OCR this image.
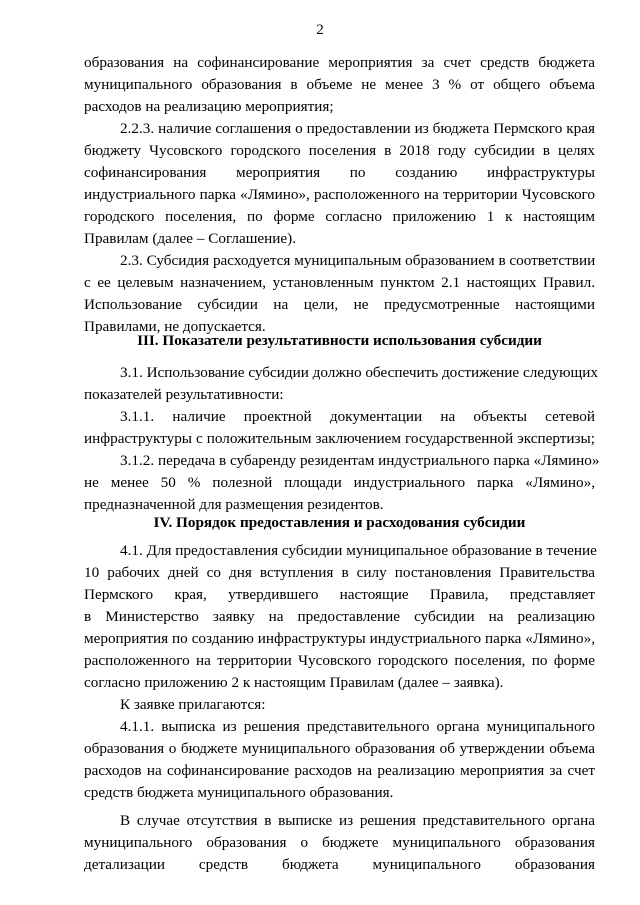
2
образования на софинансирование мероприятия за счет средств бюджета
муниципального образования в объеме не менее 3 % от общего объема
расходов на реализацию мероприятия;
2.2.3. наличие соглашения о предоставлении из бюджета Пермского края
бюджету Чусовского городского поселения в 2018 году субсидии в целях
софинансирования мероприятия по созданию инфраструктуры
индустриального парка «Лямино», расположенного на территории Чусовского
городского поселения, по форме согласно приложению 1 к настоящим
Правилам (далее – Соглашение).
2.3. Субсидия расходуется муниципальным образованием в соответствии
с ее целевым назначением, установленным пунктом 2.1 настоящих Правил.
Использование субсидии на цели, не предусмотренные настоящими
Правилами, не допускается.
III. Показатели результативности использования субсидии
3.1. Использование субсидии должно обеспечить достижение следующих
показателей результативности:
3.1.1. наличие проектной документации на объекты сетевой
инфраструктуры с положительным заключением государственной экспертизы;
3.1.2. передача в субаренду резидентам индустриального парка «Лямино»
не менее 50 % полезной площади индустриального парка «Лямино»,
предназначенной для размещения резидентов.
IV. Порядок предоставления и расходования субсидии
4.1. Для предоставления субсидии муниципальное образование в течение
10 рабочих дней со дня вступления в силу постановления Правительства
Пермского края, утвердившего настоящие Правила, представляет
в Министерство заявку на предоставление субсидии на реализацию
мероприятия по созданию инфраструктуры индустриального парка «Лямино»,
расположенного на территории Чусовского городского поселения, по форме
согласно приложению 2 к настоящим Правилам (далее – заявка).
К заявке прилагаются:
4.1.1. выписка из решения представительного органа муниципального
образования о бюджете муниципального образования об утверждении объема
расходов на софинансирование расходов на реализацию мероприятия за счет
средств бюджета муниципального образования.
В случае отсутствия в выписке из решения представительного органа
муниципального образования о бюджете муниципального образования
детализации средств бюджета муниципального образования
